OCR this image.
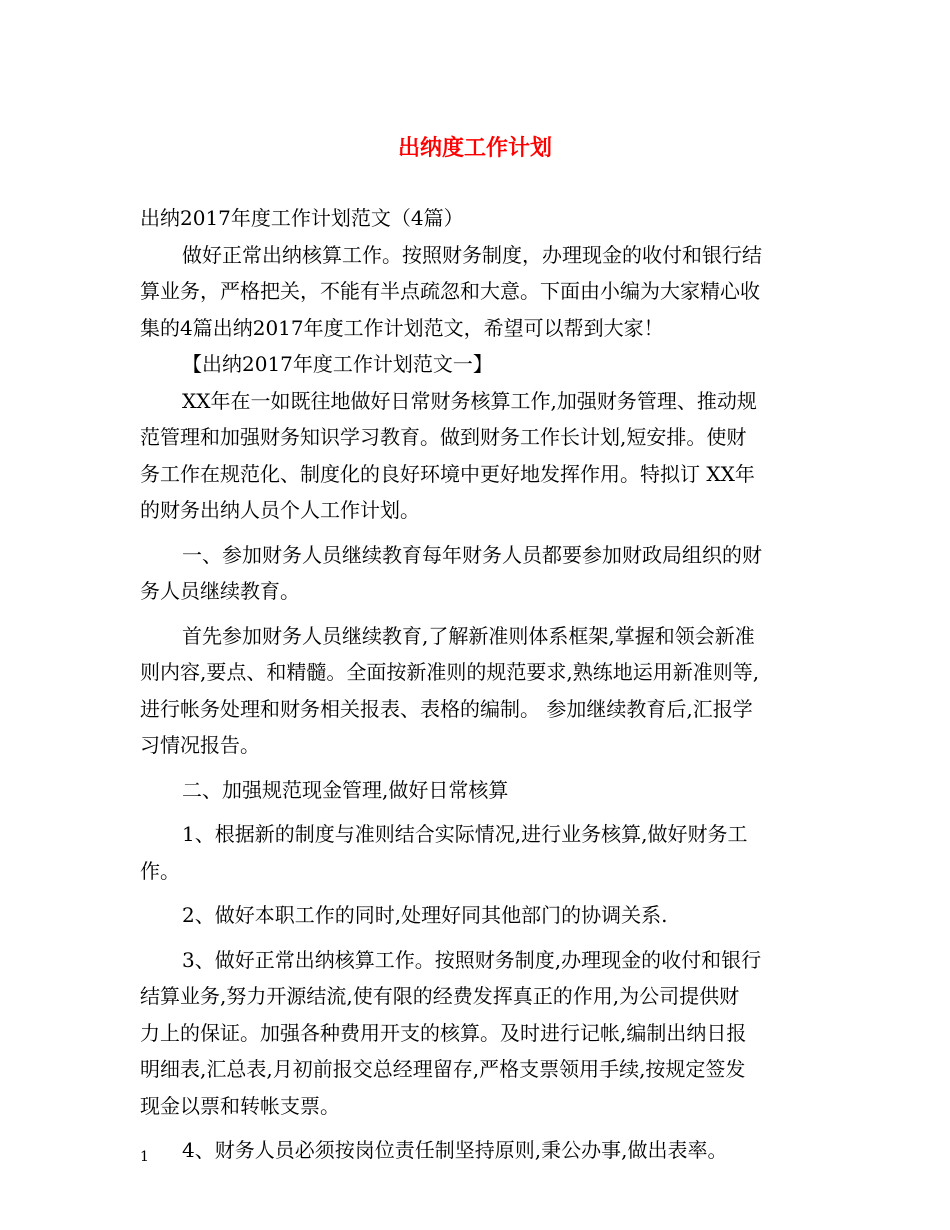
出纳度工作计划
出纳2017年度工作计划范文（4篇）
做好正常出纳核算工作。按照财务制度，办理现金的收付和银行结
算业务，严格把关，不能有半点疏忽和大意。下面由小编为大家精心收
集的4篇出纳2017年度工作计划范文，希望可以帮到大家！
【出纳2017年度工作计划范文一】
XX年在一如既往地做好日常财务核算工作,加强财务管理、推动规
范管理和加强财务知识学习教育。做到财务工作长计划,短安排。使财
务工作在规范化、制度化的良好环境中更好地发挥作用。特拟订 XX年
的财务出纳人员个人工作计划。
一、参加财务人员继续教育每年财务人员都要参加财政局组织的财
务人员继续教育。
首先参加财务人员继续教育,了解新准则体系框架,掌握和领会新准
则内容,要点、和精髓。全面按新准则的规范要求,熟练地运用新准则等,
进行帐务处理和财务相关报表、表格的编制。 参加继续教育后,汇报学
习情况报告。
二、加强规范现金管理,做好日常核算
1、根据新的制度与准则结合实际情况,进行业务核算,做好财务工
作。
2、做好本职工作的同时,处理好同其他部门的协调关系.
3、做好正常出纳核算工作。按照财务制度,办理现金的收付和银行
结算业务,努力开源结流,使有限的经费发挥真正的作用,为公司提供财
力上的保证。加强各种费用开支的核算。及时进行记帐,编制出纳日报
明细表,汇总表,月初前报交总经理留存,严格支票领用手续,按规定签发
现金以票和转帐支票。
4、财务人员必须按岗位责任制坚持原则,秉公办事,做出表率。
1
